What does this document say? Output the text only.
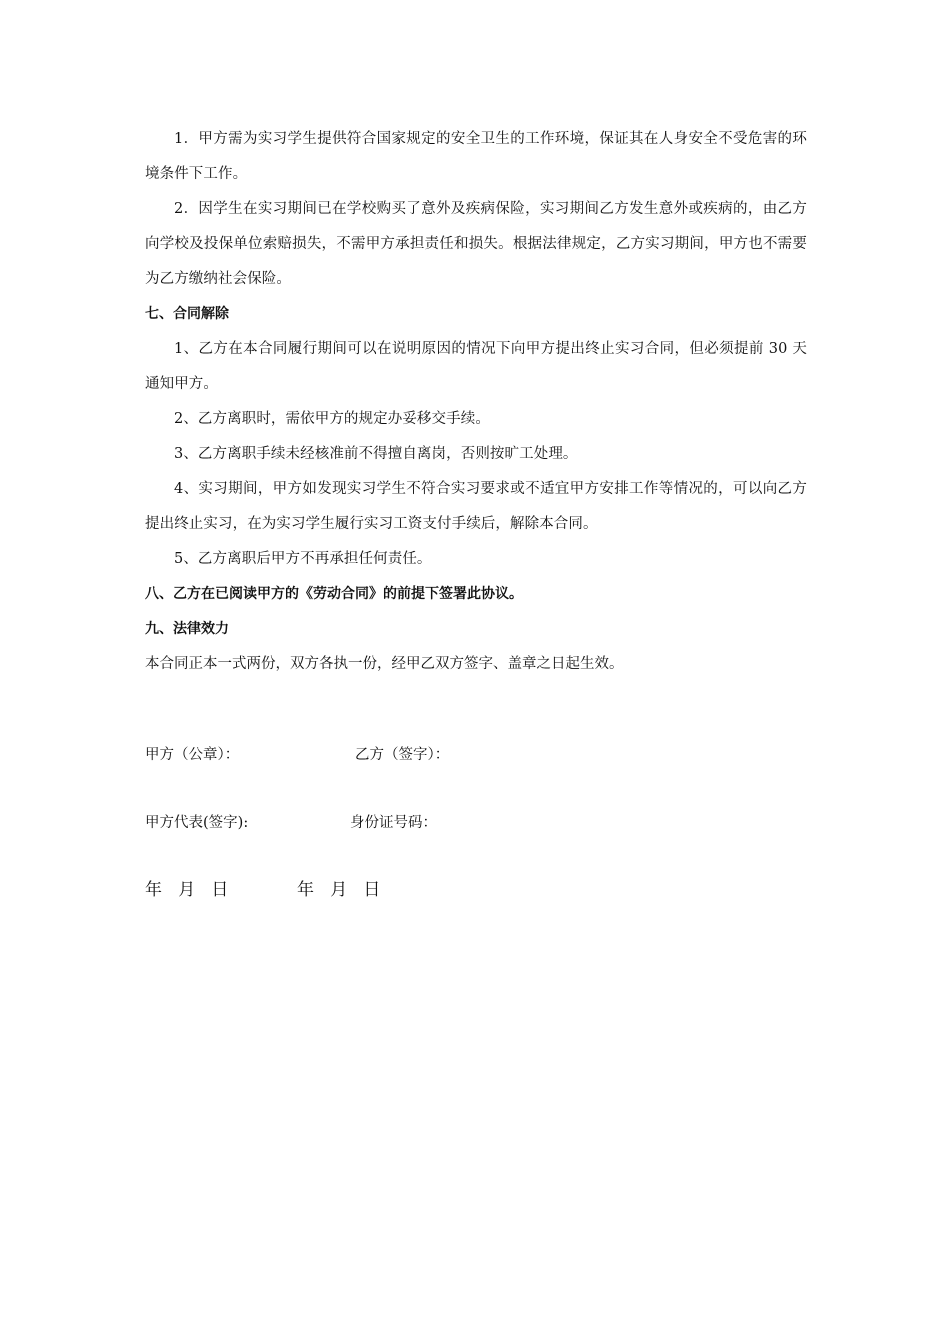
1．甲方需为实习学生提供符合国家规定的安全卫生的工作环境，保证其在人身安全不受危害的环境条件下工作。

2．因学生在实习期间已在学校购买了意外及疾病保险，实习期间乙方发生意外或疾病的，由乙方向学校及投保单位索赔损失，不需甲方承担责任和损失。根据法律规定，乙方实习期间，甲方也不需要为乙方缴纳社会保险。

七、合同解除

1、乙方在本合同履行期间可以在说明原因的情况下向甲方提出终止实习合同，但必须提前 30 天通知甲方。

2、乙方离职时，需依甲方的规定办妥移交手续。

3、乙方离职手续未经核准前不得擅自离岗，否则按旷工处理。

4、实习期间，甲方如发现实习学生不符合实习要求或不适宜甲方安排工作等情况的，可以向乙方提出终止实习，在为实习学生履行实习工资支付手续后，解除本合同。

5、乙方离职后甲方不再承担任何责任。

八、乙方在已阅读甲方的《劳动合同》的前提下签署此协议。

九、法律效力

本合同正本一式两份，双方各执一份，经甲乙双方签字、盖章之日起生效。

甲方（公章）：	乙方（签字）：
甲方代表(签字):	身份证号码：

年   月   日

	年   月   日
